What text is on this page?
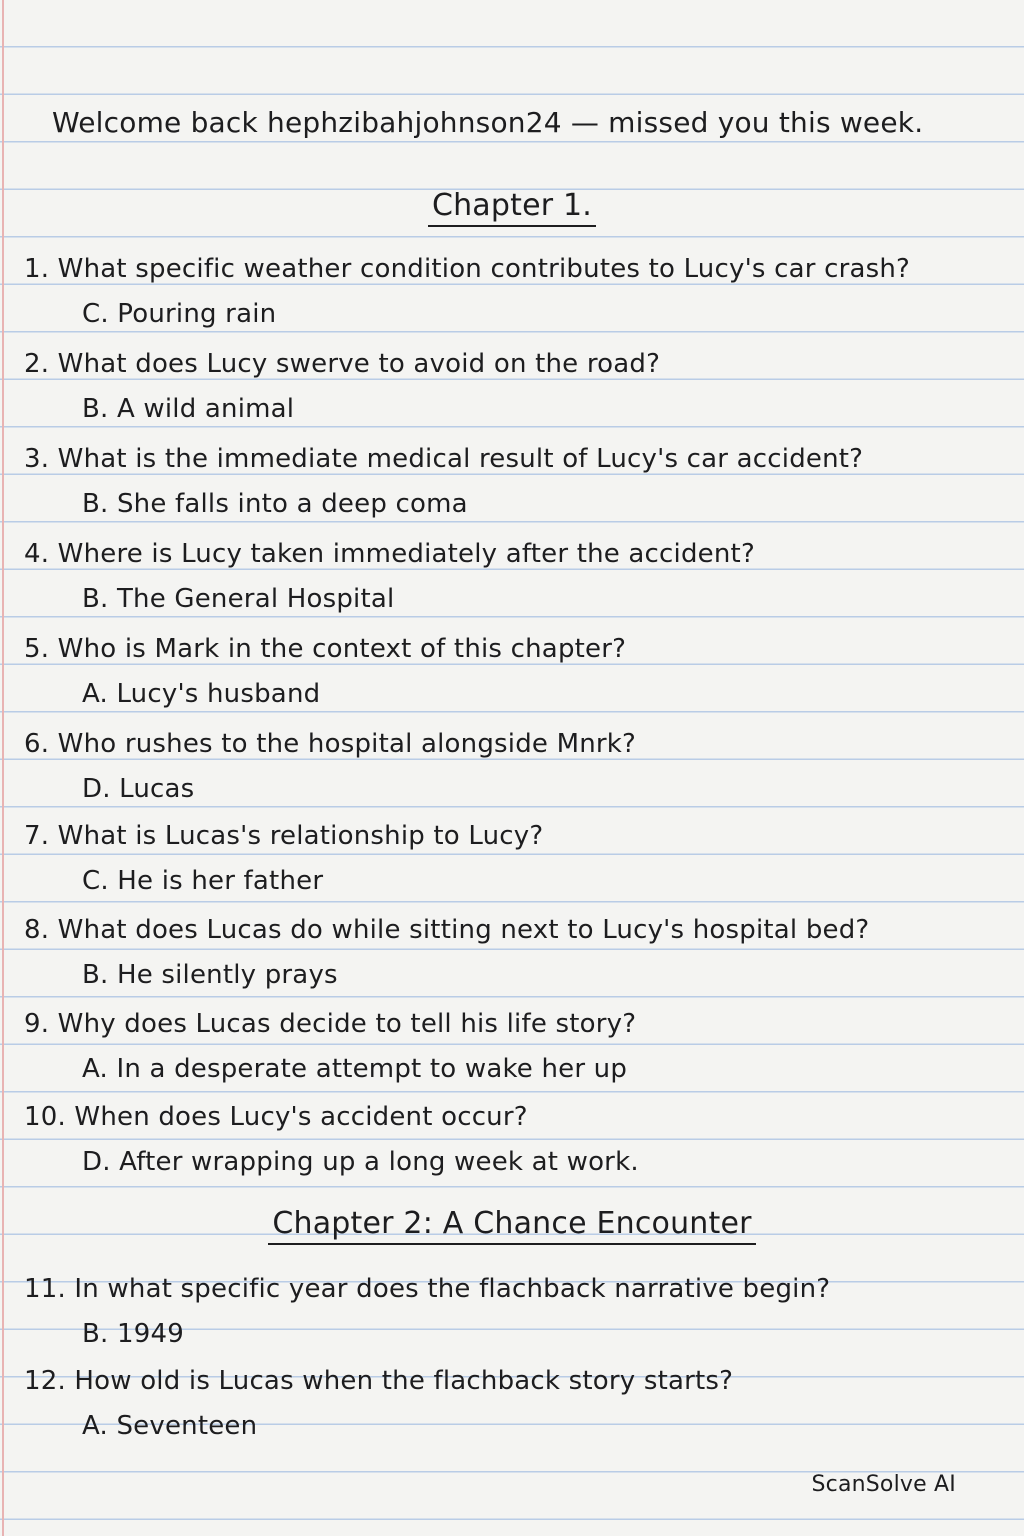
Welcome back hephzibahjohnson24 — missed you this week.
Chapter 1.
1. What specific weather condition contributes to Lucy's car crash?
C. Pouring rain
2. What does Lucy swerve to avoid on the road?
B. A wild animal
3. What is the immediate medical result of Lucy's car accident?
B. She falls into a deep coma
4. Where is Lucy taken immediately after the accident?
B. The General Hospital
5. Who is Mark in the context of this chapter?
A. Lucy's husband
6. Who rushes to the hospital alongside Mnrk?
D. Lucas
7. What is Lucas's relationship to Lucy?
C. He is her father
8. What does Lucas do while sitting next to Lucy's hospital bed?
B. He silently prays
9. Why does Lucas decide to tell his life story?
A. In a desperate attempt to wake her up
10. When does Lucy's accident occur?
D. After wrapping up a long week at work.
Chapter 2: A Chance Encounter
11. In what specific year does the flachback narrative begin?
B. 1949
12. How old is Lucas when the flachback story starts?
A. Seventeen
ScanSolve AI
